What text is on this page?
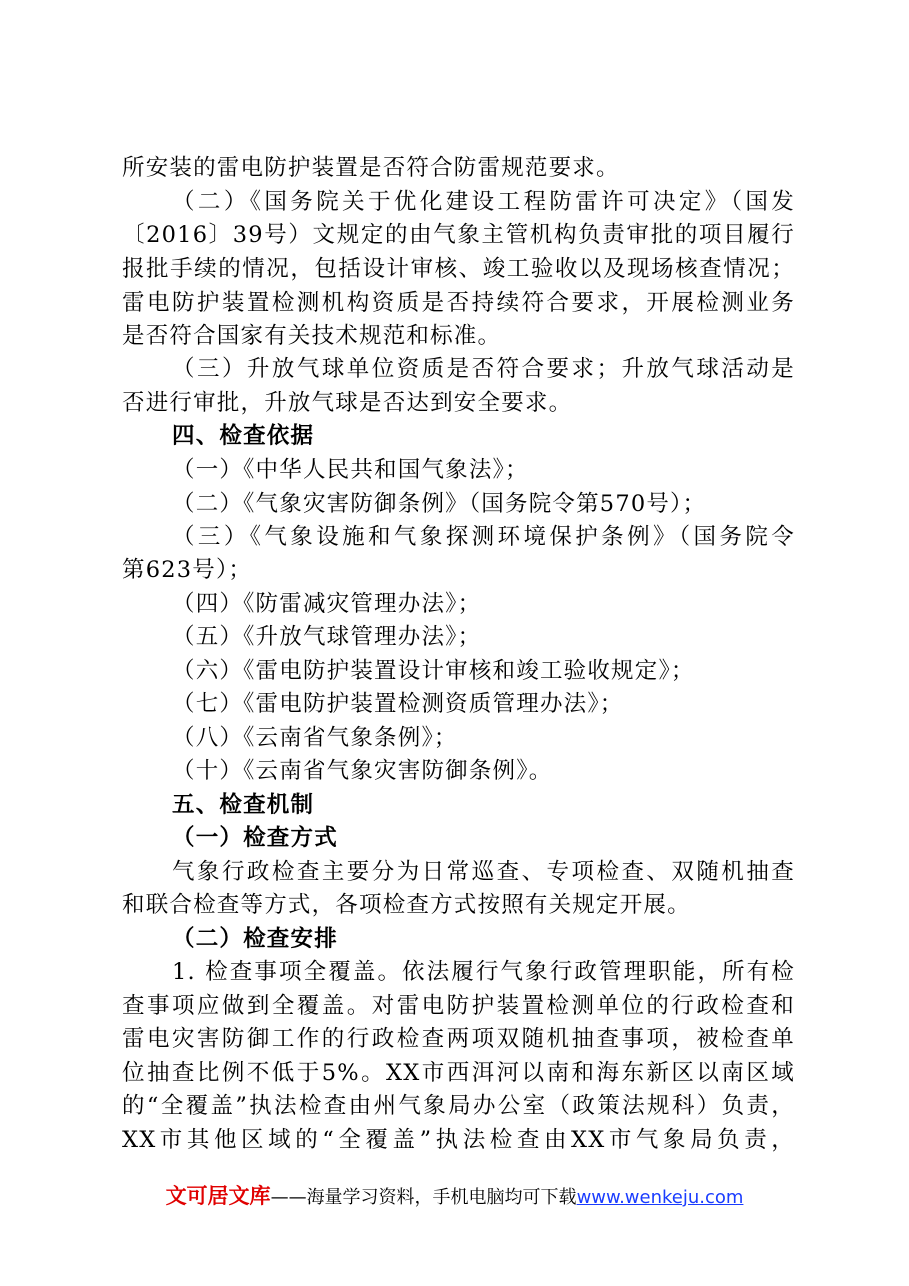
所安装的雷电防护装置是否符合防雷规范要求。
（二）《国务院关于优化建设工程防雷许可决定》（国发
〔2016〕39号）文规定的由气象主管机构负责审批的项目履行
报批手续的情况，包括设计审核、竣工验收以及现场核查情况；
雷电防护装置检测机构资质是否持续符合要求，开展检测业务
是否符合国家有关技术规范和标准。
（三）升放气球单位资质是否符合要求；升放气球活动是
否进行审批，升放气球是否达到安全要求。
四、检查依据
（一）《中华人民共和国气象法》；
（二）《气象灾害防御条例》（国务院令第570号）；
（三）《气象设施和气象探测环境保护条例》（国务院令
第623号）；
（四）《防雷减灾管理办法》；
（五）《升放气球管理办法》；
（六）《雷电防护装置设计审核和竣工验收规定》；
（七）《雷电防护装置检测资质管理办法》；
（八）《云南省气象条例》；
（十）《云南省气象灾害防御条例》。
五、检查机制
（一）检查方式
气象行政检查主要分为日常巡查、专项检查、双随机抽查
和联合检查等方式，各项检查方式按照有关规定开展。
（二）检查安排
1. 检查事项全覆盖。依法履行气象行政管理职能，所有检
查事项应做到全覆盖。对雷电防护装置检测单位的行政检查和
雷电灾害防御工作的行政检查两项双随机抽查事项，被检查单
位抽查比例不低于5%。XX市西洱河以南和海东新区以南区域
的“全覆盖”执法检查由州气象局办公室（政策法规科）负责，
XX市其他区域的“全覆盖”执法检查由XX市气象局负责，
文可居文库——海量学习资料，手机电脑均可下载www.wenkeju.com
